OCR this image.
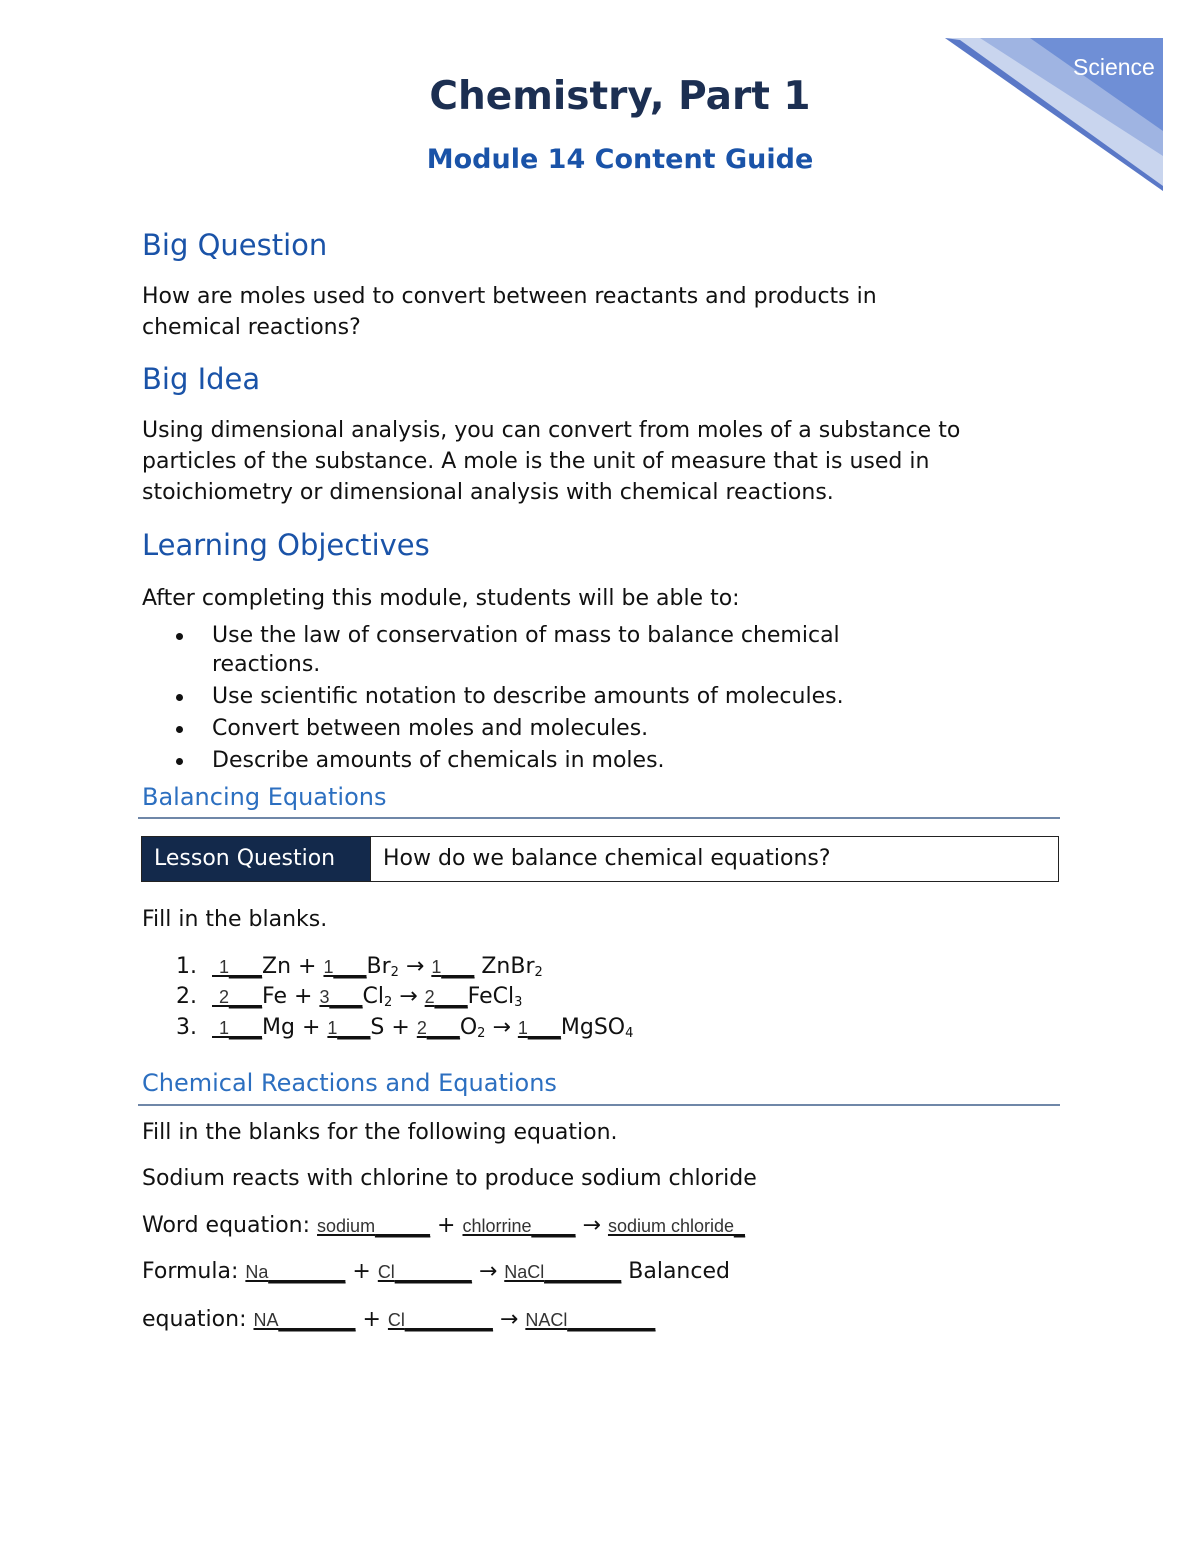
Science
Chemistry, Part 1
Module 14 Content Guide
Big Question
How are moles used to convert between reactants and products in chemical reactions?
Big Idea
Using dimensional analysis, you can convert from moles of a substance to
particles of the substance. A mole is the unit of measure that is used in
stoichiometry or dimensional analysis with chemical reactions.
Learning Objectives
After completing this module, students will be able to:
Use the law of conservation of mass to balance chemical reactions.
Use scientific notation to describe amounts of molecules.
Convert between moles and molecules.
Describe amounts of chemicals in moles.
Balancing Equations
Lesson Question	How do we balance chemical equations?
Fill in the blanks.
1. 1___Zn + $1\_\_\_Br_2$ → 1___ ZnBr$_2$
2. 2___Fe + $3\_\_\_Cl_2$ → 2___FeCl$_3$
3. 1___Mg + 1___S + $2\_\_\_O_2$ → 1___MgSO$_4$
Chemical Reactions and Equations
Fill in the blanks for the following equation.
Sodium reacts with chlorine to produce sodium chloride
Word equation: sodium_____ + chlorrine____ → sodium chloride_
Formula: Na_______ + Cl_______ → NaCl_______ Balanced
equation: NA_______ + Cl________ → NACl________
